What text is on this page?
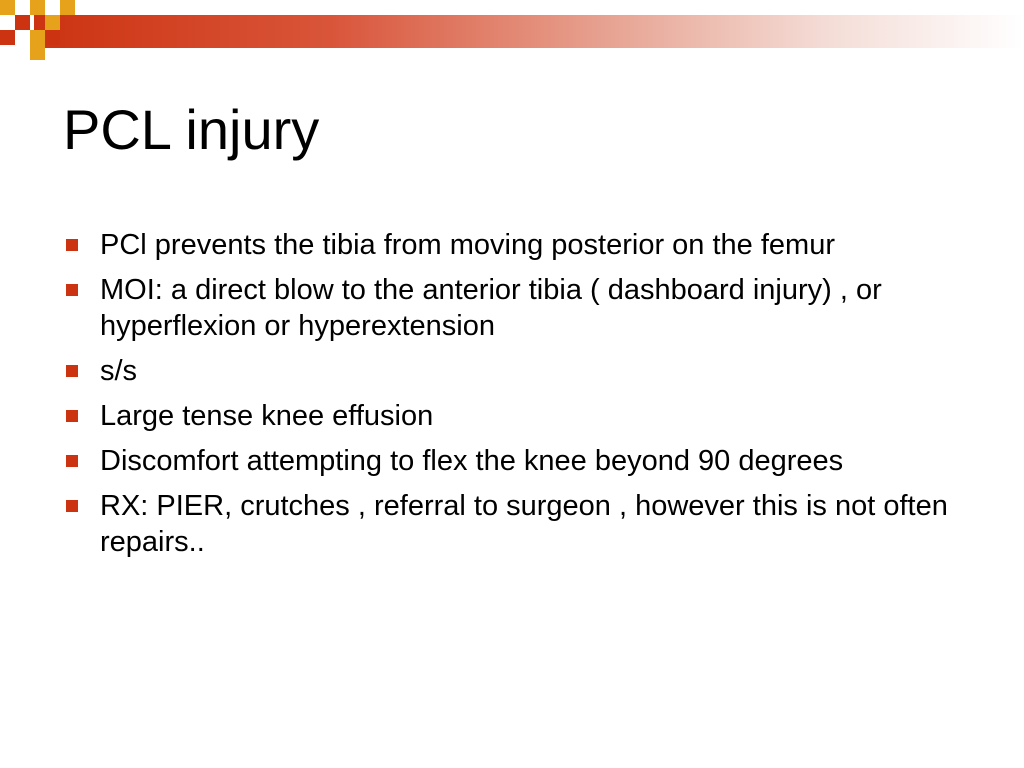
PCL injury
PCl prevents the tibia from moving posterior on the femur
MOI: a direct blow to the anterior tibia ( dashboard injury) , or hyperflexion or hyperextension
s/s
Large tense knee effusion
Discomfort attempting to flex the knee beyond 90 degrees
RX: PIER, crutches , referral to surgeon , however this is not often repairs..
